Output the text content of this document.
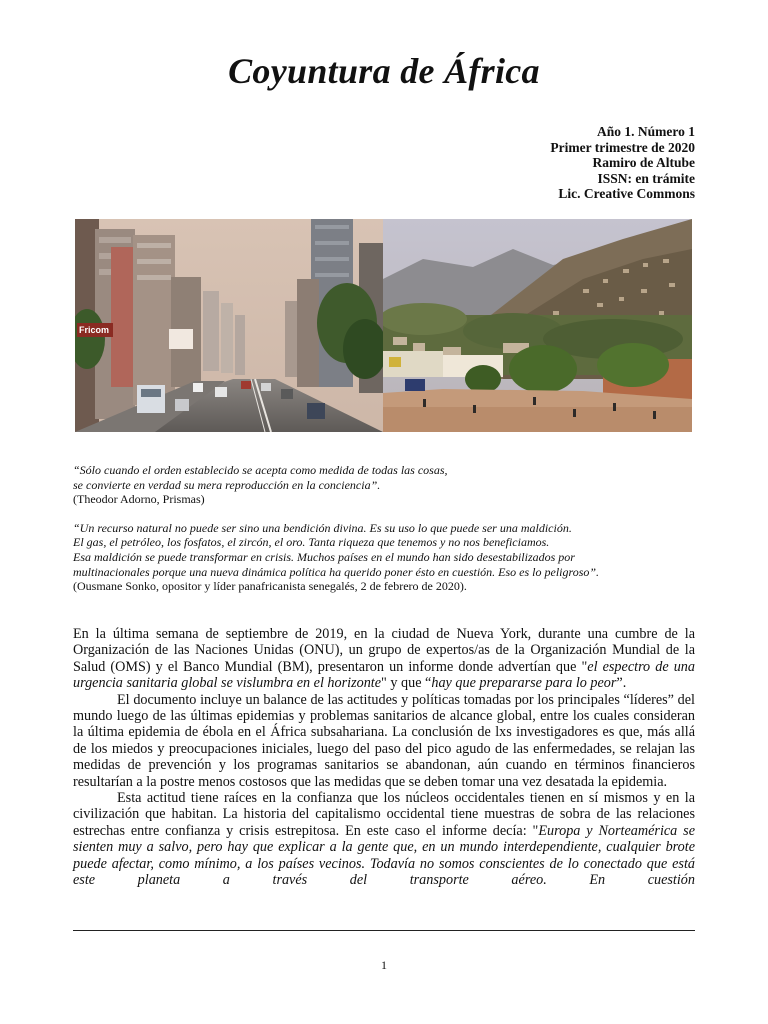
Coyuntura de África
Año 1. Número 1
Primer trimestre de 2020
Ramiro de Altube
ISSN: en trámite
Lic. Creative Commons
Fricom

“Sólo cuando el orden establecido se acepta como medida de todas las cosas,

se convierte en verdad su mera reproducción en la conciencia”.

(Theodor Adorno, Prismas)

“Un recurso natural no puede ser sino una bendición divina. Es su uso lo que puede ser una maldición.

El gas, el petróleo, los fosfatos, el zircón, el oro. Tanta riqueza que tenemos y no nos beneficiamos.

Esa maldición se puede transformar en crisis. Muchos países en el mundo han sido desestabilizados por

multinacionales porque una nueva dinámica política ha querido poner ésto en cuestión. Eso es lo peligroso”.

(Ousmane Sonko, opositor y líder panafricanista senegalés, 2 de febrero de 2020).

En la última semana de septiembre de 2019, en la ciudad de Nueva York, durante una cumbre de la Organización de las Naciones Unidas (ONU), un grupo de expertos/as de la Organización Mundial de la Salud (OMS) y el Banco Mundial (BM), presentaron un informe donde advertían que "el espectro de una urgencia sanitaria global se vislumbra en el horizonte" y que “hay que prepararse para lo peor”.

El documento incluye un balance de las actitudes y políticas tomadas por los principales “líderes” del mundo luego de las últimas epidemias y problemas sanitarios de alcance global, entre los cuales consideran la última epidemia de ébola en el África subsahariana. La conclusión de lxs investigadores es que, más allá de los miedos y preocupaciones iniciales, luego del paso del pico agudo de las enfermedades, se relajan las medidas de prevención y los programas sanitarios se abandonan, aún cuando en términos financieros resultarían a la postre menos costosos que las medidas que se deben tomar una vez desatada la epidemia.

Esta actitud tiene raíces en la confianza que los núcleos occidentales tienen en sí mismos y en la civilización que habitan. La historia del capitalismo occidental tiene muestras de sobra de las relaciones estrechas entre confianza y crisis estrepitosa. En este caso el informe decía: "Europa y Norteamérica se sienten muy a salvo, pero hay que explicar a la gente que, en un mundo interdependiente, cualquier brote puede afectar, como mínimo, a los países vecinos. Todavía no somos conscientes de lo conectado que está este planeta a través del transporte aéreo. En cuestión

1
